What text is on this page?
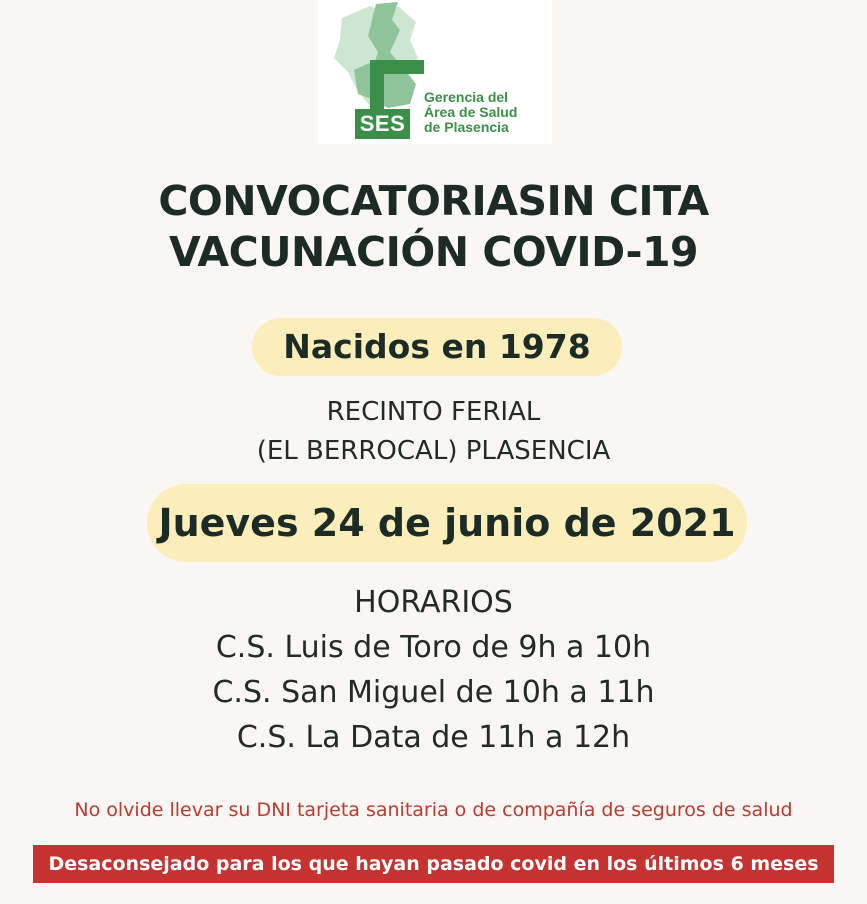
SES
Gerencia del
Área de Salud
de Plasencia
CONVOCATORIASIN CITA
VACUNACIÓN COVID-19
Nacidos en 1978
RECINTO FERIAL
(EL BERROCAL) PLASENCIA
Jueves 24 de junio de 2021
HORARIOS
C.S. Luis de Toro de 9h a 10h
C.S. San Miguel de 10h a 11h
C.S. La Data de 11h a 12h
No olvide llevar su DNI tarjeta sanitaria o de compañía de seguros de salud
Desaconsejado para los que hayan pasado covid en los últimos 6 meses
